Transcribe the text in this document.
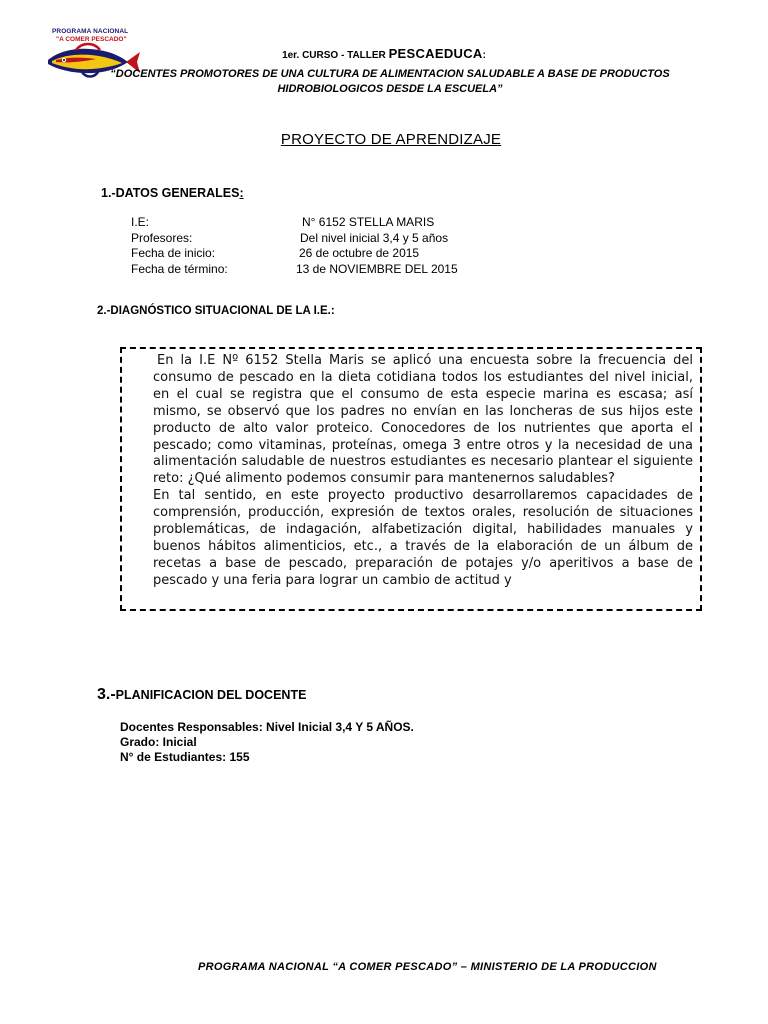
PROGRAMA NACIONAL
"A COMER PESCADO"
1er. CURSO - TALLER PESCAEDUCA:
“DOCENTES PROMOTORES DE UNA CULTURA DE ALIMENTACION SALUDABLE A BASE DE PRODUCTOS
HIDROBIOLOGICOS DESDE LA ESCUELA”
PROYECTO DE APRENDIZAJE
1.-DATOS GENERALES:
I.E:	N° 6152 STELLA MARIS
Profesores:	Del nivel inicial 3,4 y 5 años
Fecha de inicio:	26 de octubre de 2015
Fecha de término:	13 de NOVIEMBRE DEL 2015
2.-DIAGNÓSTICO SITUACIONAL DE LA I.E.:

En la I.E Nº 6152 Stella Maris se aplicó una encuesta sobre la frecuencia del consumo de pescado en la dieta cotidiana todos los estudiantes del nivel inicial, en el cual se registra que el consumo de esta especie marina es escasa; así mismo, se observó que los padres no envían en las loncheras de sus hijos este producto de alto valor proteico. Conocedores de los nutrientes que aporta el pescado; como vitaminas, proteínas, omega 3 entre otros y la necesidad de una alimentación saludable de nuestros estudiantes es necesario plantear el siguiente reto: ¿Qué alimento podemos consumir para mantenernos saludables?

En tal sentido, en este proyecto productivo desarrollaremos capacidades de comprensión, producción, expresión de textos orales, resolución de situaciones problemáticas, de indagación, alfabetización digital, habilidades manuales y buenos hábitos alimenticios, etc., a través de la elaboración de un álbum de recetas a base de pescado, preparación de potajes y/o aperitivos a base de pescado y una feria para lograr un cambio de actitud y

3.-PLANIFICACION DEL DOCENTE
Docentes Responsables: Nivel Inicial 3,4 Y 5 AÑOS.
Grado: Inicial
N° de Estudiantes: 155
PROGRAMA NACIONAL “A COMER PESCADO” – MINISTERIO DE LA PRODUCCION
